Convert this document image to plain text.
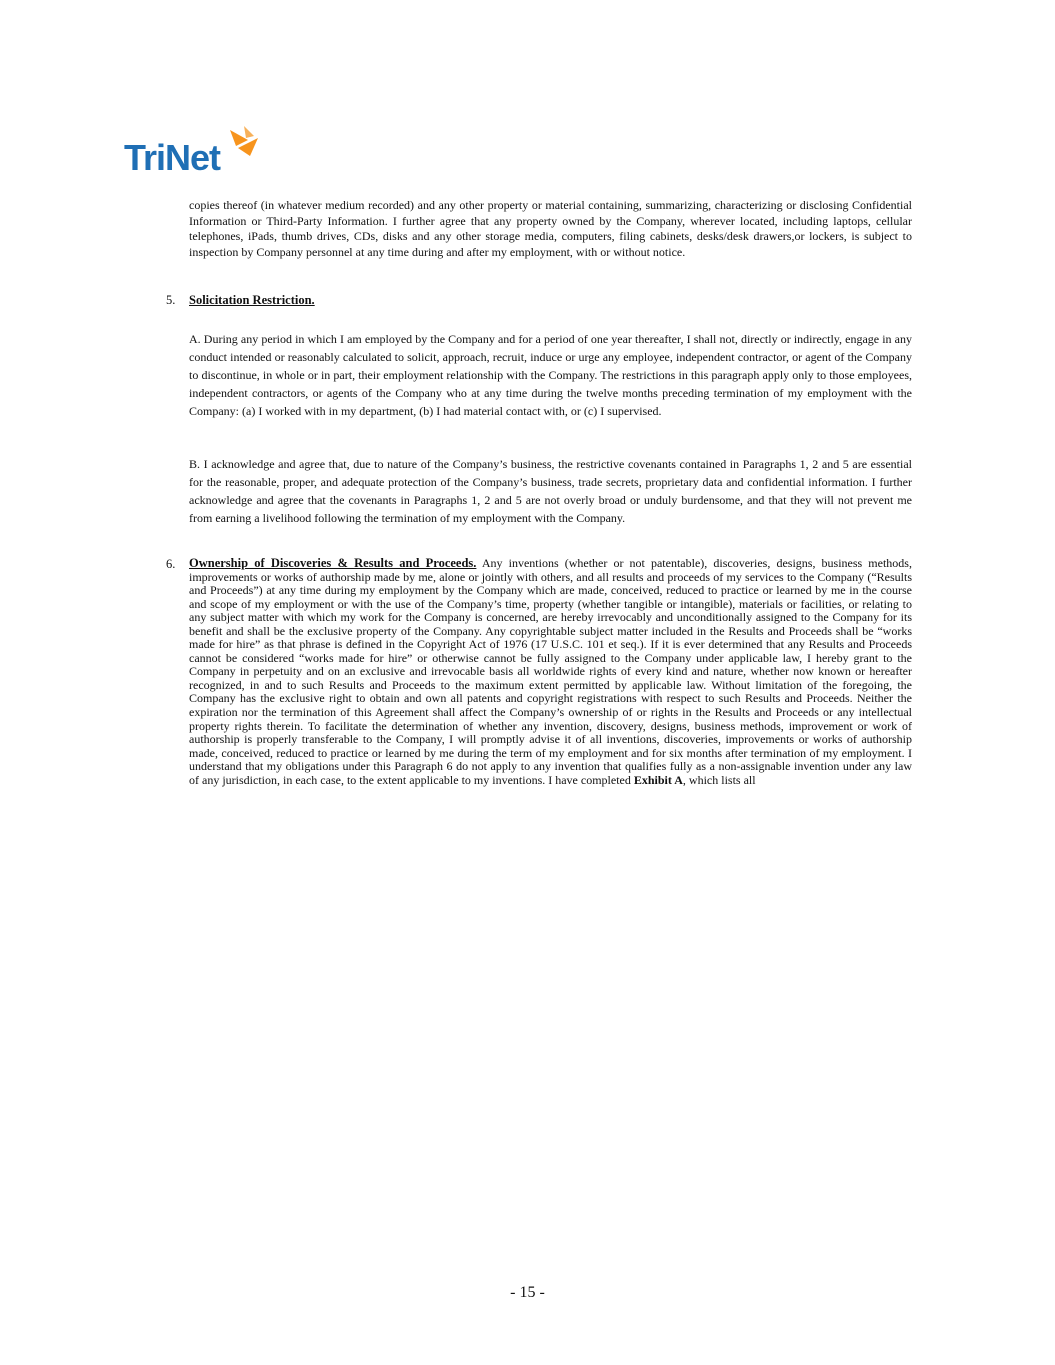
TriNet
copies thereof (in whatever medium recorded) and any other property or material containing, summarizing, characterizing or disclosing Confidential Information or Third-Party Information. I further agree that any property owned by the Company, wherever located, including laptops, cellular telephones, iPads, thumb drives, CDs, disks and any other storage media, computers, filing cabinets, desks/desk drawers,or lockers, is subject to inspection by Company personnel at any time during and after my employment, with or without notice.
5. Solicitation Restriction.
A. During any period in which I am employed by the Company and for a period of one year thereafter, I shall not, directly or indirectly, engage in any conduct intended or reasonably calculated to solicit, approach, recruit, induce or urge any employee, independent contractor, or agent of the Company to discontinue, in whole or in part, their employment relationship with the Company. The restrictions in this paragraph apply only to those employees, independent contractors, or agents of the Company who at any time during the twelve months preceding termination of my employment with the Company: (a) I worked with in my department, (b) I had material contact with, or (c) I supervised.
B. I acknowledge and agree that, due to nature of the Company’s business, the restrictive covenants contained in Paragraphs 1, 2 and 5 are essential for the reasonable, proper, and adequate protection of the Company’s business, trade secrets, proprietary data and confidential information. I further acknowledge and agree that the covenants in Paragraphs 1, 2 and 5 are not overly broad or unduly burdensome, and that they will not prevent me from earning a livelihood following the termination of my employment with the Company.
6. Ownership of Discoveries & Results and Proceeds. Any inventions (whether or not patentable), discoveries, designs, business methods, improvements or works of authorship made by me, alone or jointly with others, and all results and proceeds of my services to the Company (“Results and Proceeds”) at any time during my employment by the Company which are made, conceived, reduced to practice or learned by me in the course and scope of my employment or with the use of the Company’s time, property (whether tangible or intangible), materials or facilities, or relating to any subject matter with which my work for the Company is concerned, are hereby irrevocably and unconditionally assigned to the Company for its benefit and shall be the exclusive property of the Company. Any copyrightable subject matter included in the Results and Proceeds shall be “works made for hire” as that phrase is defined in the Copyright Act of 1976 (17 U.S.C. 101 et seq.). If it is ever determined that any Results and Proceeds cannot be considered “works made for hire” or otherwise cannot be fully assigned to the Company under applicable law, I hereby grant to the Company in perpetuity and on an exclusive and irrevocable basis all worldwide rights of every kind and nature, whether now known or hereafter recognized, in and to such Results and Proceeds to the maximum extent permitted by applicable law. Without limitation of the foregoing, the Company has the exclusive right to obtain and own all patents and copyright registrations with respect to such Results and Proceeds. Neither the expiration nor the termination of this Agreement shall affect the Company’s ownership of or rights in the Results and Proceeds or any intellectual property rights therein. To facilitate the determination of whether any invention, discovery, designs, business methods, improvement or work of authorship is properly transferable to the Company, I will promptly advise it of all inventions, discoveries, improvements or works of authorship made, conceived, reduced to practice or learned by me during the term of my employment and for six months after termination of my employment. I understand that my obligations under this Paragraph 6 do not apply to any invention that qualifies fully as a non-assignable invention under any law of any jurisdiction, in each case, to the extent applicable to my inventions. I have completed Exhibit A, which lists all
- 15 -
